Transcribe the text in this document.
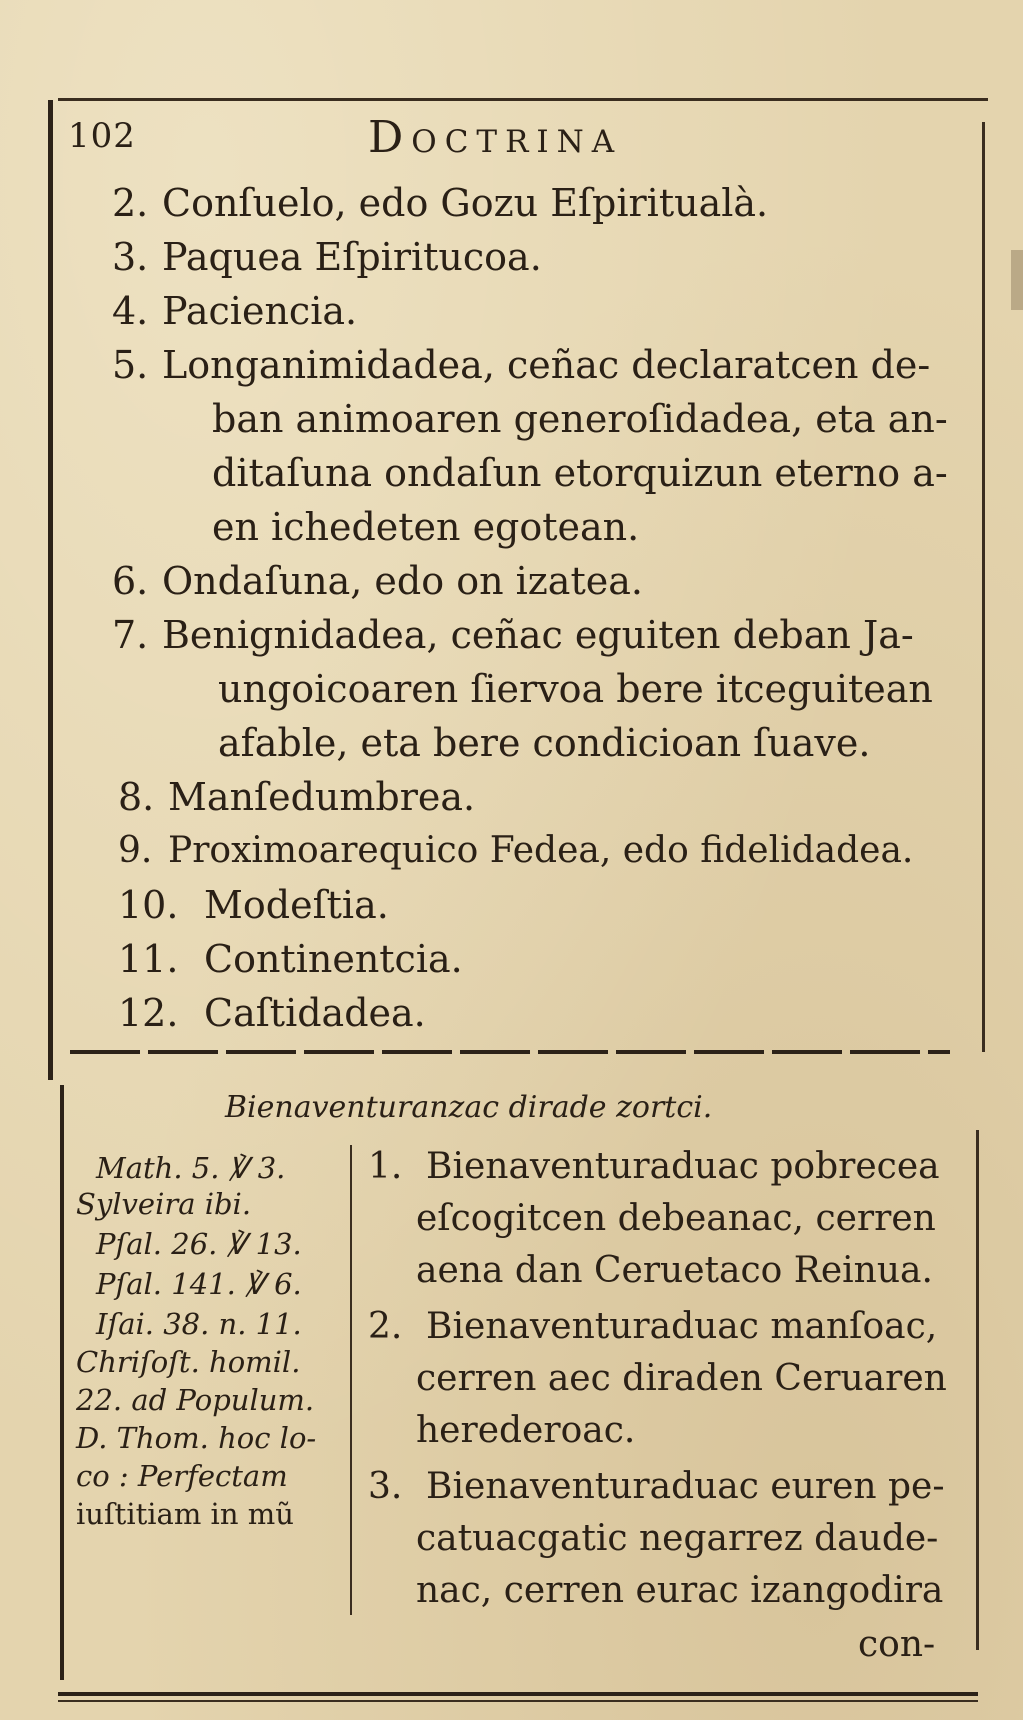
102	Doctrina
2. Conſuelo, edo Gozu Eſpiritualà.
3. Paquea Eſpiritucoa.
4. Paciencia.
5. Longanimidadea, ceñac declaratcen de-
ban animoaren generoſidadea, eta an-
ditaſuna ondaſun etorquizun eterno a-
en ichedeten egotean.
6. Ondaſuna, edo on izatea.
7. Benignidadea, ceñac eguiten deban Ja-
ungoicoaren ſiervoa bere itceguitean
afable, eta bere condicioan ſuave.
8. Manſedumbrea.
9. Proximoarequico Fedea, edo fidelidadea.
10. Modeſtia.
11. Continentcia.
12. Caſtidadea.
Bienaventuranzac dirade zortci.
Math. 5. ℣ 3.
Sylveira ibi.
Pſal. 26. ℣ 13.
Pſal. 141. ℣ 6.
Iſai. 38. n. 11.
Chriſoſt. homil.
22. ad Populum.
D. Thom. hoc lo-
co : Perfectam
iuſtitiam in mũ
1. Bienaventuraduac pobrecea
eſcogitcen debeanac, cerren
aena dan Ceruetaco Reinua.
2. Bienaventuraduac manſoac,
cerren aec diraden Ceruaren
herederoac.
3. Bienaventuraduac euren pe-
catuacgatic negarrez daude-
nac, cerren eurac izangodira
con-
